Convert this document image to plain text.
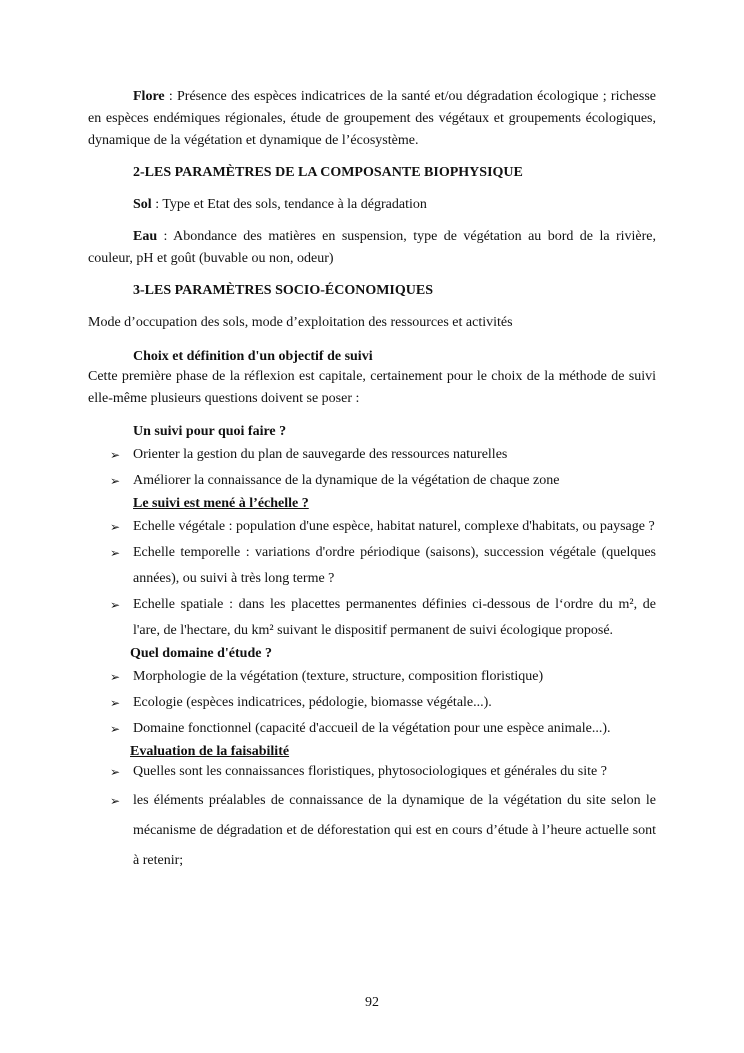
Flore : Présence des espèces indicatrices de la santé et/ou dégradation écologique ; richesse en espèces endémiques régionales, étude de groupement des végétaux et groupements écologiques, dynamique de la végétation et dynamique de l’écosystème.

2-LES PARAMÈTRES DE LA COMPOSANTE BIOPHYSIQUE

Sol : Type et Etat des sols, tendance à la dégradation

Eau : Abondance des matières en suspension, type de végétation au bord de la rivière, couleur, pH et goût (buvable ou non, odeur)

3-LES PARAMÈTRES SOCIO-ÉCONOMIQUES

Mode d’occupation des sols, mode d’exploitation des ressources et activités

Choix et définition d'un objectif de suivi

Cette première phase de la réflexion est capitale, certainement pour le choix de la méthode de suivi elle-même plusieurs questions doivent se poser :

Un suivi pour quoi faire ?

➢ Orienter la gestion du plan de sauvegarde des ressources naturelles
➢ Améliorer la connaissance de la dynamique de la végétation de chaque zone

Le suivi est mené à l’échelle ?

➢ Echelle végétale : population d'une espèce, habitat naturel, complexe d'habitats, ou paysage ?
➢ Echelle temporelle : variations d'ordre périodique (saisons), succession végétale (quelques années), ou suivi à très long terme ?
➢ Echelle spatiale : dans les placettes permanentes définies ci-dessous de l‘ordre du m², de l'are, de l'hectare, du km² suivant le dispositif permanent de suivi écologique proposé.

Quel domaine d'étude ?

➢ Morphologie de la végétation (texture, structure, composition floristique)
➢ Ecologie (espèces indicatrices, pédologie, biomasse végétale...).
➢ Domaine fonctionnel (capacité d'accueil de la végétation pour une espèce animale...).

Evaluation de la faisabilité

➢ Quelles sont les connaissances floristiques, phytosociologiques et générales du site ?
➢ les éléments préalables de connaissance de la dynamique de la végétation du site selon le mécanisme de dégradation et de déforestation qui est en cours d’étude à l’heure actuelle sont à retenir;
92
